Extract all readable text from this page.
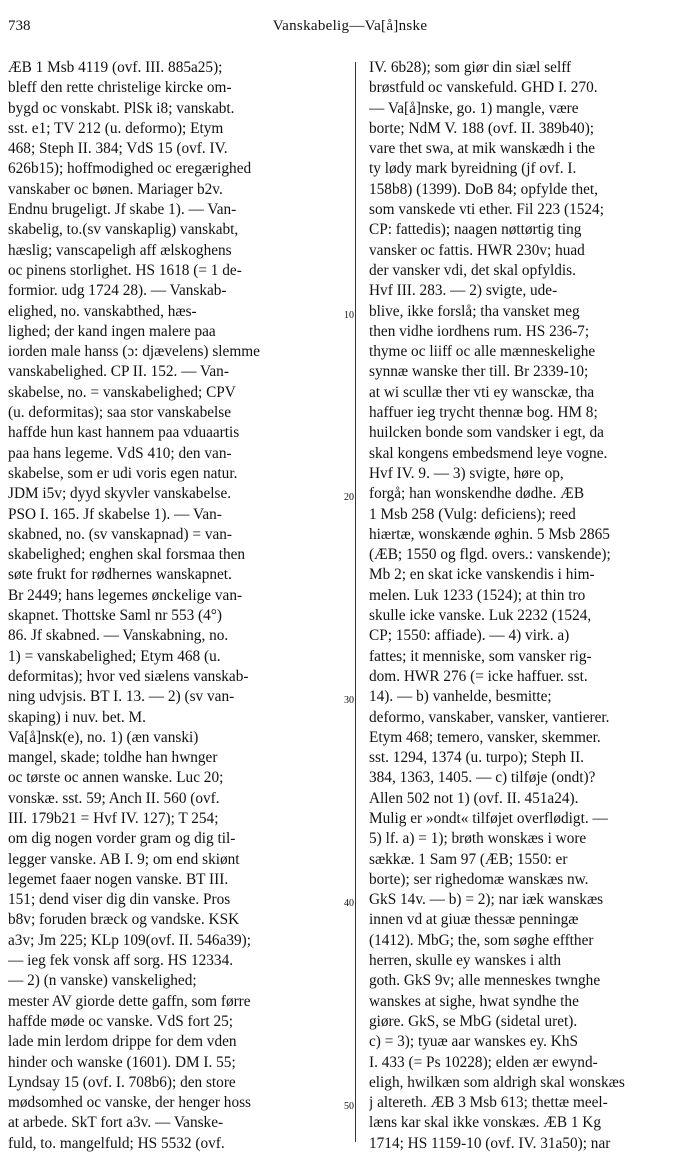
738	Vanskabelig—Va[å]nske
ÆB 1 Msb 4119 (ovf. III. 885a25);
bleff den rette christelige kircke om-
bygd oc vonskabt. PlSk i8; vanskabt.
sst. e1; TV 212 (u. deformo); Etym
468; Steph II. 384; VdS 15 (ovf. IV.
626b15); hoffmodighed oc eregærighed
vanskaber oc bønen. Mariager b2v.
Endnu brugeligt. Jf skabe 1). — Van-
skabelig, to.(sv vanskaplig) vanskabt,
hæslig; vanscapeligh aff ælskoghens
oc pinens storlighet. HS 1618 (= 1 de-
formior. udg 1724 28). — Vanskab-
elighed, no. vanskabthed, hæs-
lighed; der kand ingen malere paa
iorden male hanss (ɔ: djævelens) slemme
vanskabelighed. CP II. 152. — Van-
skabelse, no. = vanskabelighed; CPV
(u. deformitas); saa stor vanskabelse
haffde hun kast hannem paa vduaartis
paa hans legeme. VdS 410; den van-
skabelse, som er udi voris egen natur.
JDM i5v; dyyd skyvler vanskabelse.
PSO I. 165. Jf skabelse 1). — Van-
skabned, no. (sv vanskapnad) = van-
skabelighed; enghen skal forsmaa then
søte frukt for rødhernes wanskapnet.
Br 2449; hans legemes ønckelige van-
skapnet. Thottske Saml nr 553 (4°)
86. Jf skabned. — Vanskabning, no.
1) = vanskabelighed; Etym 468 (u.
deformitas); hvor ved siælens vanskab-
ning udvjsis. BT I. 13. — 2) (sv van-
skaping) i nuv. bet. M.
Va[å]nsk(e), no. 1) (æn vanski)
mangel, skade; toldhe han hwnger
oc tørste oc annen wanske. Luc 20;
vonskæ. sst. 59; Anch II. 560 (ovf.
III. 179b21 = Hvf IV. 127); T 254;
om dig nogen vorder gram og dig til-
legger vanske. AB I. 9; om end skiønt
legemet faaer nogen vanske. BT III.
151; dend viser dig din vanske. Pros
b8v; foruden bræck og vandske. KSK
a3v; Jm 225; KLp 109(ovf. II. 546a39);
— ieg fek vonsk aff sorg. HS 12334.
— 2) (n vanske) vanskelighed;
mester AV giorde dette gaffn, som førre
haffde møde oc vanske. VdS fort 25;
lade min lerdom drippe for dem vden
hinder och wanske (1601). DM I. 55;
Lyndsay 15 (ovf. I. 708b6); den store
mødsomhed oc vanske, der henger hoss
at arbede. SkT fort a3v. — Vanske-
fuld, to. mangelfuld; HS 5532 (ovf.
10
20
30
40
50
IV. 6b28); som giør din siæl selff
brøstfuld oc vanskefuld. GHD I. 270.
— Va[å]nske, go. 1) mangle, være
borte; NdM V. 188 (ovf. II. 389b40);
vare thet swa, at mik wanskædh i the
ty lødy mark byreidning (jf ovf. I.
158b8) (1399). DoB 84; opfylde thet,
som vanskede vti ether. Fil 223 (1524;
CP: fattedis); naagen nøttørtig ting
vansker oc fattis. HWR 230v; huad
der vansker vdi, det skal opfyldis.
Hvf III. 283. — 2) svigte, ude-
blive, ikke forslå; tha vansket meg
then vidhe iordhens rum. HS 236-7;
thyme oc liiff oc alle mænneskelighe
synnæ wanske ther till. Br 2339-10;
at wi scullæ ther vti ey wansckæ, tha
haffuer ieg trycht thennæ bog. HM 8;
huilcken bonde som vandsker i egt, da
skal kongens embedsmend leye vogne.
Hvf IV. 9. — 3) svigte, høre op,
forgå; han wonskendhe dødhe. ÆB
1 Msb 258 (Vulg: deficiens); reed
hiærtæ, wonskænde øghin. 5 Msb 2865
(ÆB; 1550 og flgd. overs.: vanskende);
Mb 2; en skat icke vanskendis i him-
melen. Luk 1233 (1524); at thin tro
skulle icke vanske. Luk 2232 (1524,
CP; 1550: affiade). — 4) virk. a)
fattes; it menniske, som vansker rig-
dom. HWR 276 (= icke haffuer. sst.
14). — b) vanhelde, besmitte;
deformo, vanskaber, vansker, vantierer.
Etym 468; temero, vansker, skemmer.
sst. 1294, 1374 (u. turpo); Steph II.
384, 1363, 1405. — c) tilføje (ondt)?
Allen 502 not 1) (ovf. II. 451a24).
Mulig er »ondt« tilføjet overflødigt. —
5) lf. a) = 1); brøth wonskæs i wore
sækkæ. 1 Sam 97 (ÆB; 1550: er
borte); ser righedomæ wanskæs nw.
GkS 14v. — b) = 2); nar iæk wanskæs
innen vd at giuæ thessæ penningæ
(1412). MbG; the, som søghe effther
herren, skulle ey wanskes i alth
goth. GkS 9v; alle menneskes twnghe
wanskes at sighe, hwat syndhe the
giøre. GkS, se MbG (sidetal uret).
c) = 3); tyuæ aar wanskes ey. KhS
I. 433 (= Ps 10228); elden ær ewynd-
eligh, hwilkæn som aldrigh skal wonskæs
j altereth. ÆB 3 Msb 613; thettæ meel-
læns kar skal ikke vonskæs. ÆB 1 Kg
1714; HS 1159-10 (ovf. IV. 31a50); nar
